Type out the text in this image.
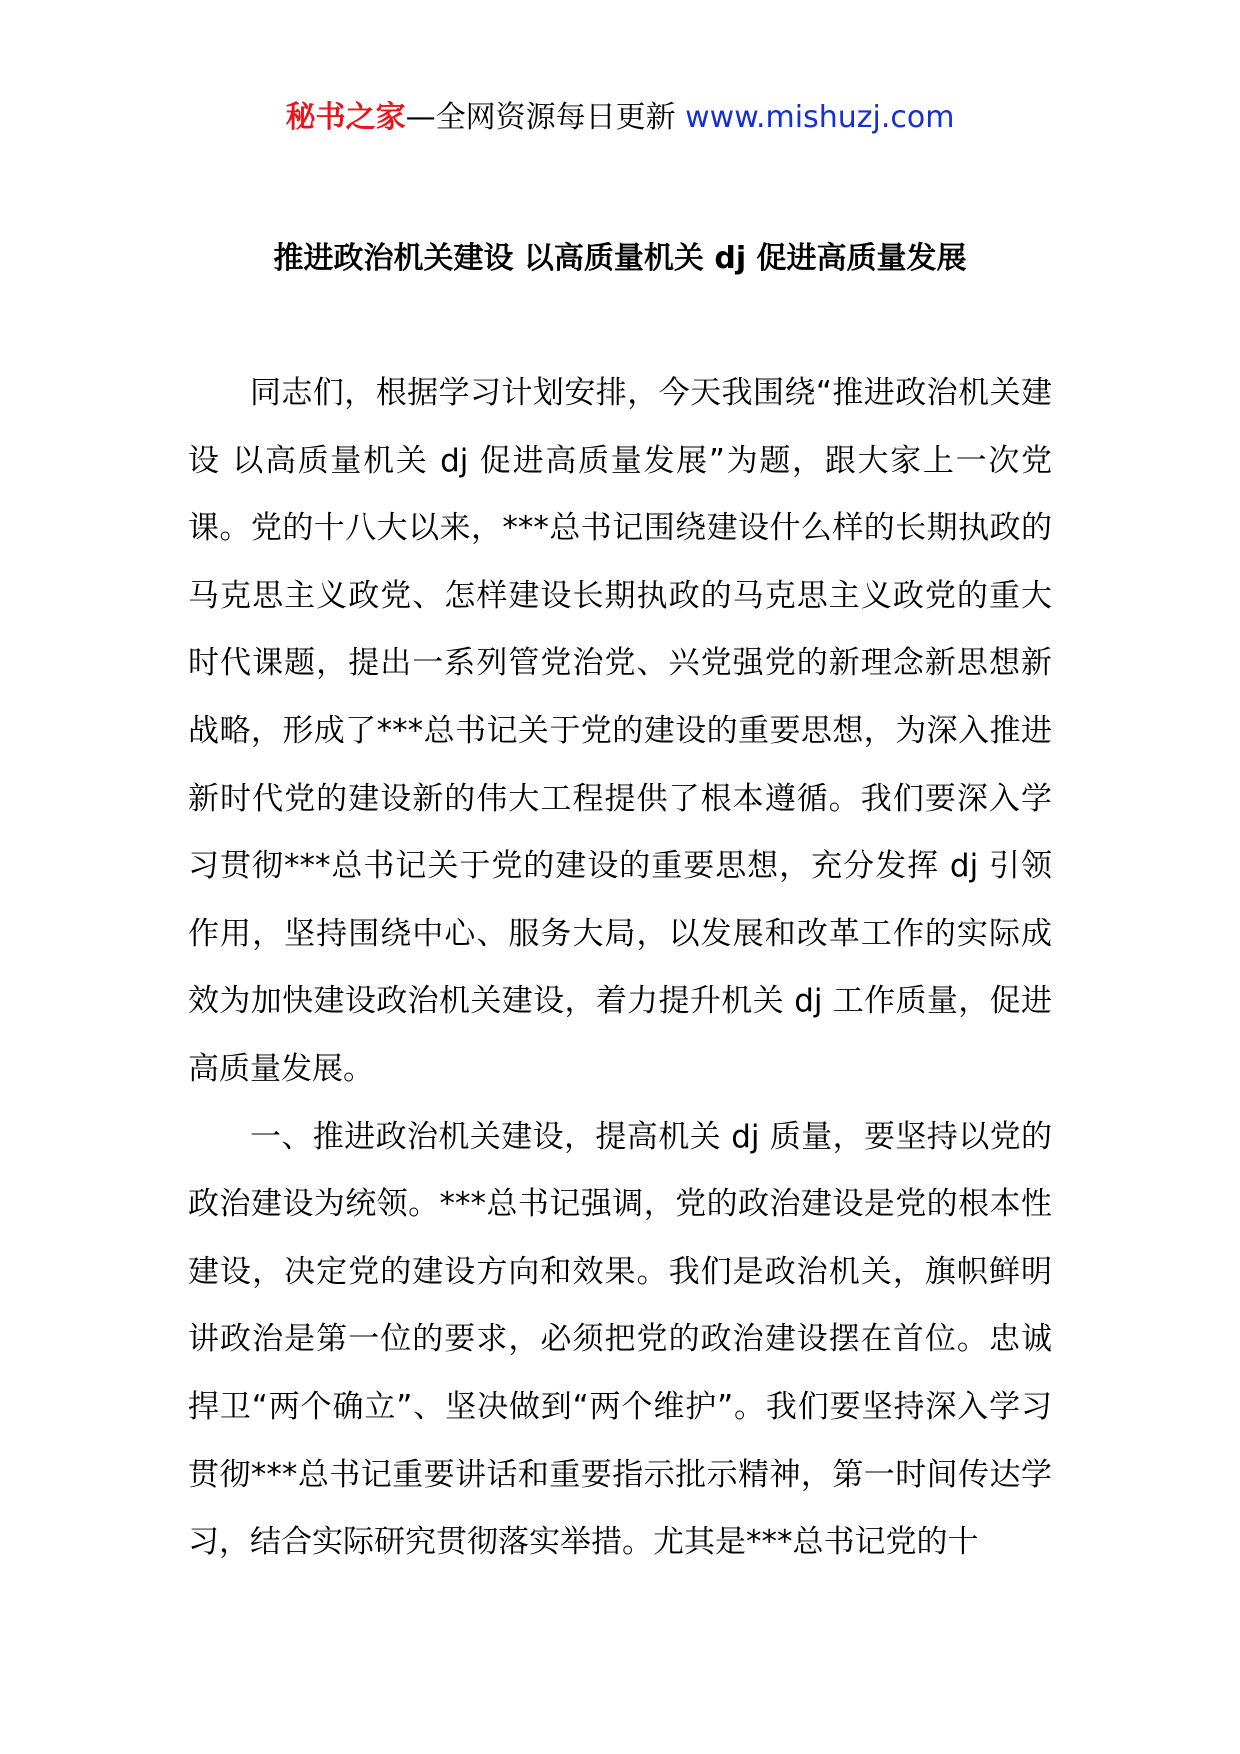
秘书之家—全网资源每日更新 www.mishuzj.com
推进政治机关建设 以高质量机关 dj 促进高质量发展

同志们，根据学习计划安排，今天我围绕“推进政治机关建设 以高质量机关 dj 促进高质量发展”为题，跟大家上一次党课。党的十八大以来，***总书记围绕建设什么样的长期执政的马克思主义政党、怎样建设长期执政的马克思主义政党的重大时代课题，提出一系列管党治党、兴党强党的新理念新思想新战略，形成了***总书记关于党的建设的重要思想，为深入推进新时代党的建设新的伟大工程提供了根本遵循。我们要深入学习贯彻***总书记关于党的建设的重要思想，充分发挥 dj 引领作用，坚持围绕中心、服务大局，以发展和改革工作的实际成效为加快建设政治机关建设，着力提升机关 dj 工作质量，促进高质量发展。

一、推进政治机关建设，提高机关 dj 质量，要坚持以党的政治建设为统领。***总书记强调，党的政治建设是党的根本性建设，决定党的建设方向和效果。我们是政治机关，旗帜鲜明讲政治是第一位的要求，必须把党的政治建设摆在首位。忠诚捍卫“两个确立”、坚决做到“两个维护”。我们要坚持深入学习贯彻***总书记重要讲话和重要指示批示精神，第一时间传达学习，结合实际研究贯彻落实举措。尤其是***总书记党的十
